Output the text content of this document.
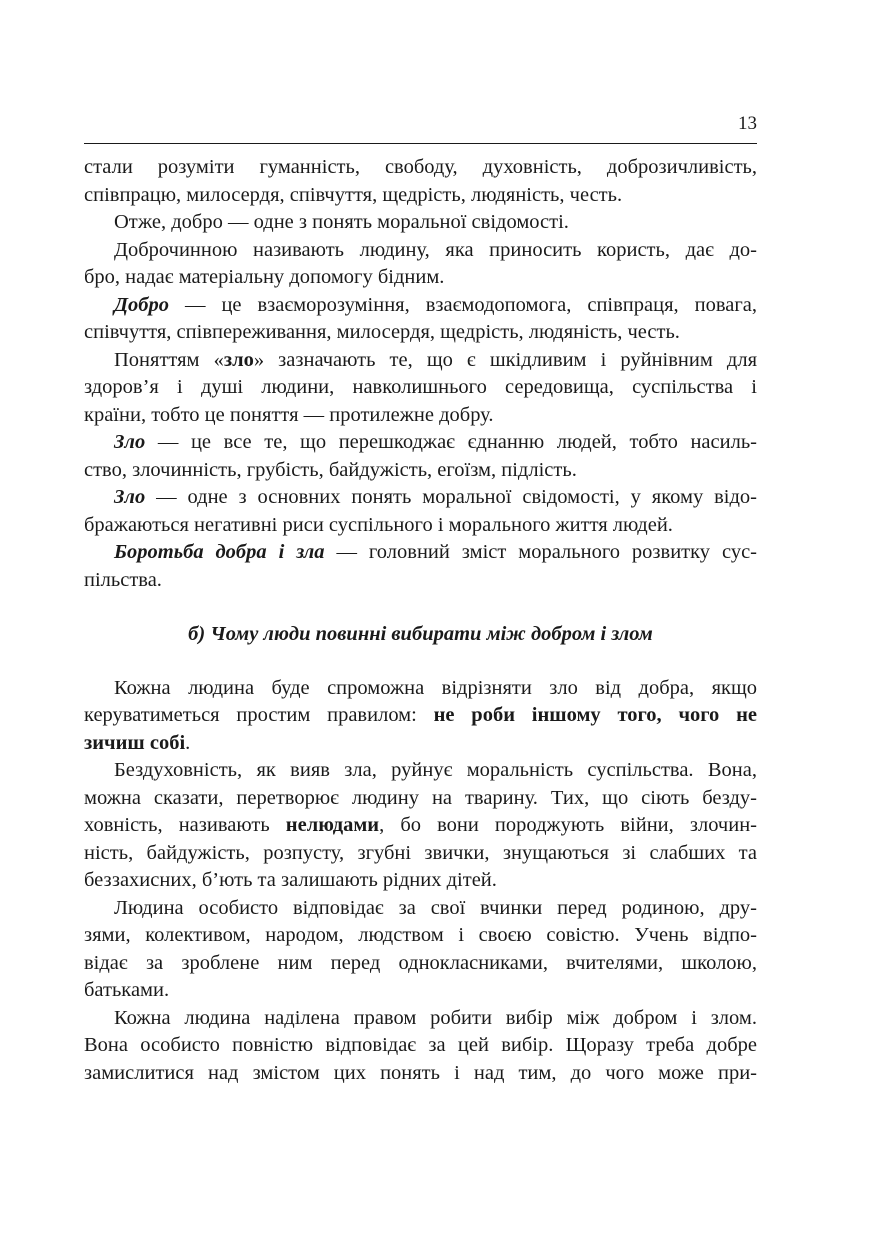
13
стали розуміти гуманність, свободу, духовність, доброзичливість,
співпрацю, милосердя, співчуття, щедрість, людяність, честь.
Отже, добро — одне з понять моральної свідомості.
Доброчинною називають людину, яка приносить користь, дає до-
бро, надає матеріальну допомогу бідним.
Добро — це взаєморозуміння, взаємодопомога, співпраця, повага,
співчуття, співпереживання, милосердя, щедрість, людяність, честь.
Поняттям «зло» зазначають те, що є шкідливим і руйнівним для
здоров’я і душі людини, навколишнього середовища, суспільства і
країни, тобто це поняття — протилежне добру.
Зло — це все те, що перешкоджає єднанню людей, тобто насиль-
ство, злочинність, грубість, байдужість, егоїзм, підлість.
Зло — одне з основних понять моральної свідомості, у якому відо-
бражаються негативні риси суспільного і морального життя людей.
Боротьба добра і зла — головний зміст морального розвитку сус-
пільства.
б) Чому люди повинні вибирати між добром і злом
Кожна людина буде спроможна відрізняти зло від добра, якщо
керуватиметься простим правилом: не роби іншому того, чого не
зичиш собі.
Бездуховність, як вияв зла, руйнує моральність суспільства. Вона,
можна сказати, перетворює людину на тварину. Тих, що сіють безду-
ховність, називають нелюдами, бо вони породжують війни, злочин-
ність, байдужість, розпусту, згубні звички, знущаються зі слабших та
беззахисних, б’ють та залишають рідних дітей.
Людина особисто відповідає за свої вчинки перед родиною, дру-
зями, колективом, народом, людством і своєю совістю. Учень відпо-
відає за зроблене ним перед однокласниками, вчителями, школою,
батьками.
Кожна людина наділена правом робити вибір між добром і злом.
Вона особисто повністю відповідає за цей вибір. Щоразу треба добре
замислитися над змістом цих понять і над тим, до чого може при-
